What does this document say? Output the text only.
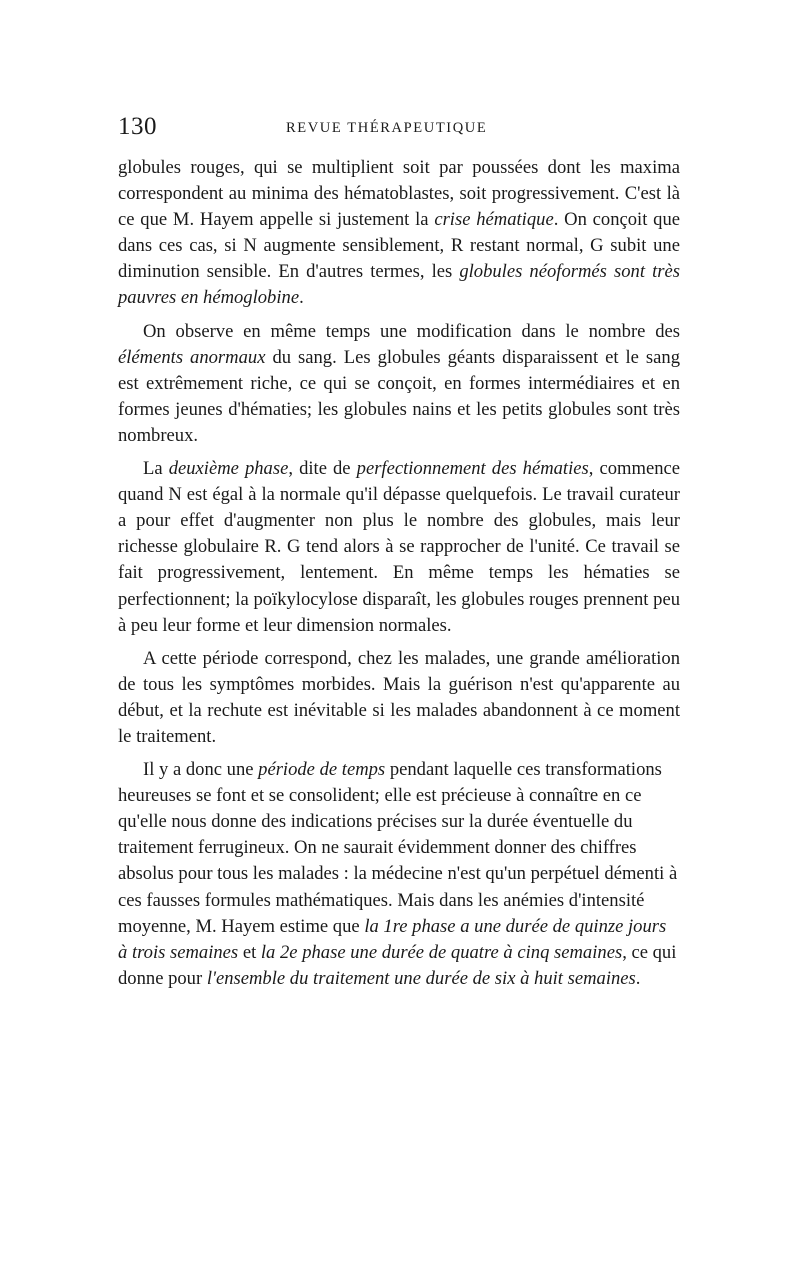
130	REVUE THÉRAPEUTIQUE

globules rouges, qui se multiplient soit par poussées dont les maxima correspondent au minima des hématoblastes, soit progressivement. C'est là ce que M. Hayem appelle si justement la crise hématique. On conçoit que dans ces cas, si N augmente sensiblement, R restant normal, G subit une diminution sensible. En d'autres termes, les globules néoformés sont très pauvres en hémoglobine.

On observe en même temps une modification dans le nombre des éléments anormaux du sang. Les globules géants disparaissent et le sang est extrêmement riche, ce qui se conçoit, en formes intermédiaires et en formes jeunes d'hématies; les globules nains et les petits globules sont très nombreux.

La deuxième phase, dite de perfectionnement des hématies, commence quand N est égal à la normale qu'il dépasse quelquefois. Le travail curateur a pour effet d'augmenter non plus le nombre des globules, mais leur richesse globulaire R. G tend alors à se rapprocher de l'unité. Ce travail se fait progressivement, lentement. En même temps les hématies se perfectionnent; la poïkylocylose disparaît, les globules rouges prennent peu à peu leur forme et leur dimension normales.

A cette période correspond, chez les malades, une grande amélioration de tous les symptômes morbides. Mais la guérison n'est qu'apparente au début, et la rechute est inévitable si les malades abandonnent à ce moment le traitement.

Il y a donc une période de temps pendant laquelle ces transformations heureuses se font et se consolident; elle est précieuse à connaître en ce qu'elle nous donne des indications précises sur la durée éventuelle du traitement ferrugineux. On ne saurait évidemment donner des chiffres absolus pour tous les malades : la médecine n'est qu'un perpétuel démenti à ces fausses formules mathématiques. Mais dans les anémies d'intensité moyenne, M. Hayem estime que la 1re phase a une durée de quinze jours à trois semaines et la 2e phase une durée de quatre à cinq semaines, ce qui donne pour l'ensemble du traitement une durée de six à huit semaines.
